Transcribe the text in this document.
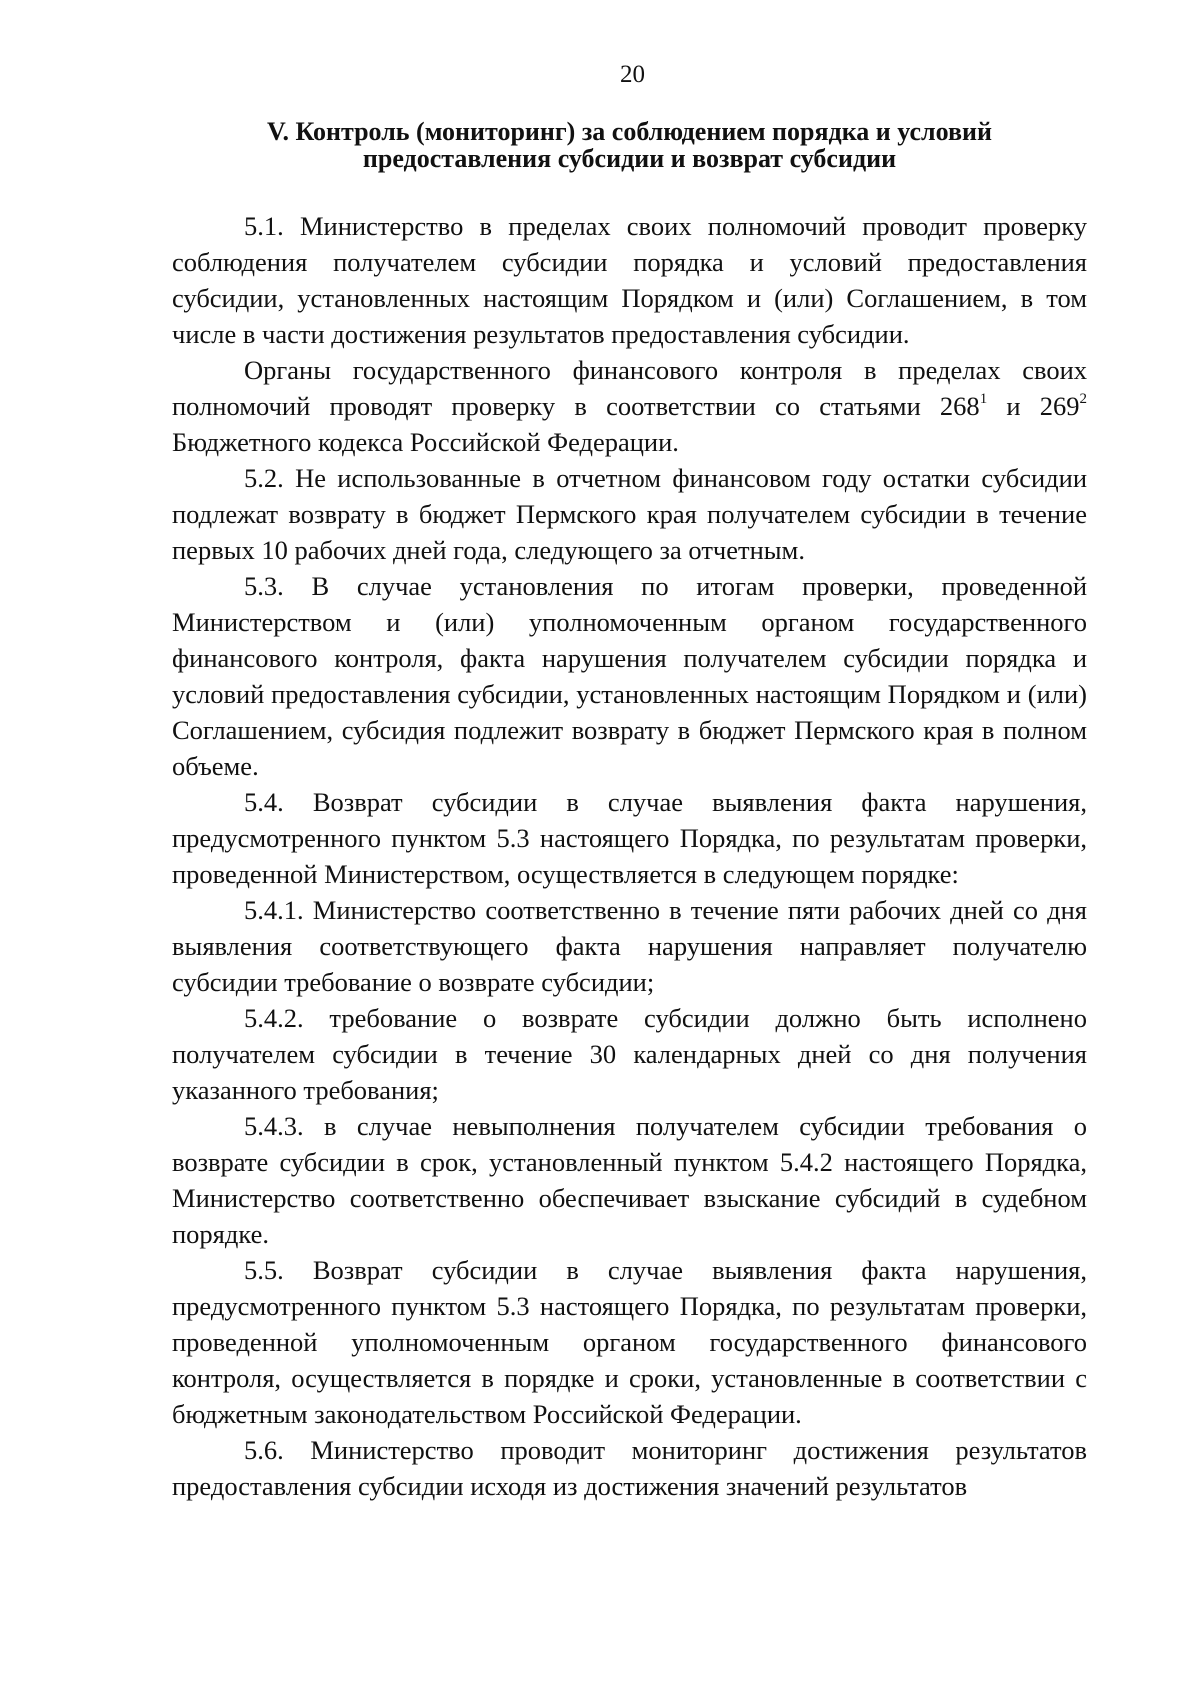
20
V. Контроль (мониторинг) за соблюдением порядка и условий
предоставления субсидии и возврат субсидии

5.1. Министерство в пределах своих полномочий проводит проверку соблюдения получателем субсидии порядка и условий предоставления субсидии, установленных настоящим Порядком и (или) Соглашением, в том числе в части достижения результатов предоставления субсидии.

Органы государственного финансового контроля в пределах своих полномочий проводят проверку в соответствии со статьями $268^1$ и $269^2$ Бюджетного кодекса Российской Федерации.

5.2. Не использованные в отчетном финансовом году остатки субсидии подлежат возврату в бюджет Пермского края получателем субсидии в течение первых 10 рабочих дней года, следующего за отчетным.

5.3. В случае установления по итогам проверки, проведенной Министерством и (или) уполномоченным органом государственного финансового контроля, факта нарушения получателем субсидии порядка и условий предоставления субсидии, установленных настоящим Порядком и (или) Соглашением, субсидия подлежит возврату в бюджет Пермского края в полном объеме.

5.4. Возврат субсидии в случае выявления факта нарушения, предусмотренного пунктом 5.3 настоящего Порядка, по результатам проверки, проведенной Министерством, осуществляется в следующем порядке:

5.4.1. Министерство соответственно в течение пяти рабочих дней со дня выявления соответствующего факта нарушения направляет получателю субсидии требование о возврате субсидии;

5.4.2. требование о возврате субсидии должно быть исполнено получателем субсидии в течение 30 календарных дней со дня получения указанного требования;

5.4.3. в случае невыполнения получателем субсидии требования о возврате субсидии в срок, установленный пунктом 5.4.2 настоящего Порядка, Министерство соответственно обеспечивает взыскание субсидий в судебном порядке.

5.5. Возврат субсидии в случае выявления факта нарушения, предусмотренного пунктом 5.3 настоящего Порядка, по результатам проверки, проведенной уполномоченным органом государственного финансового контроля, осуществляется в порядке и сроки, установленные в соответствии с бюджетным законодательством Российской Федерации.

5.6. Министерство проводит мониторинг достижения результатов предоставления субсидии исходя из достижения значений результатов
